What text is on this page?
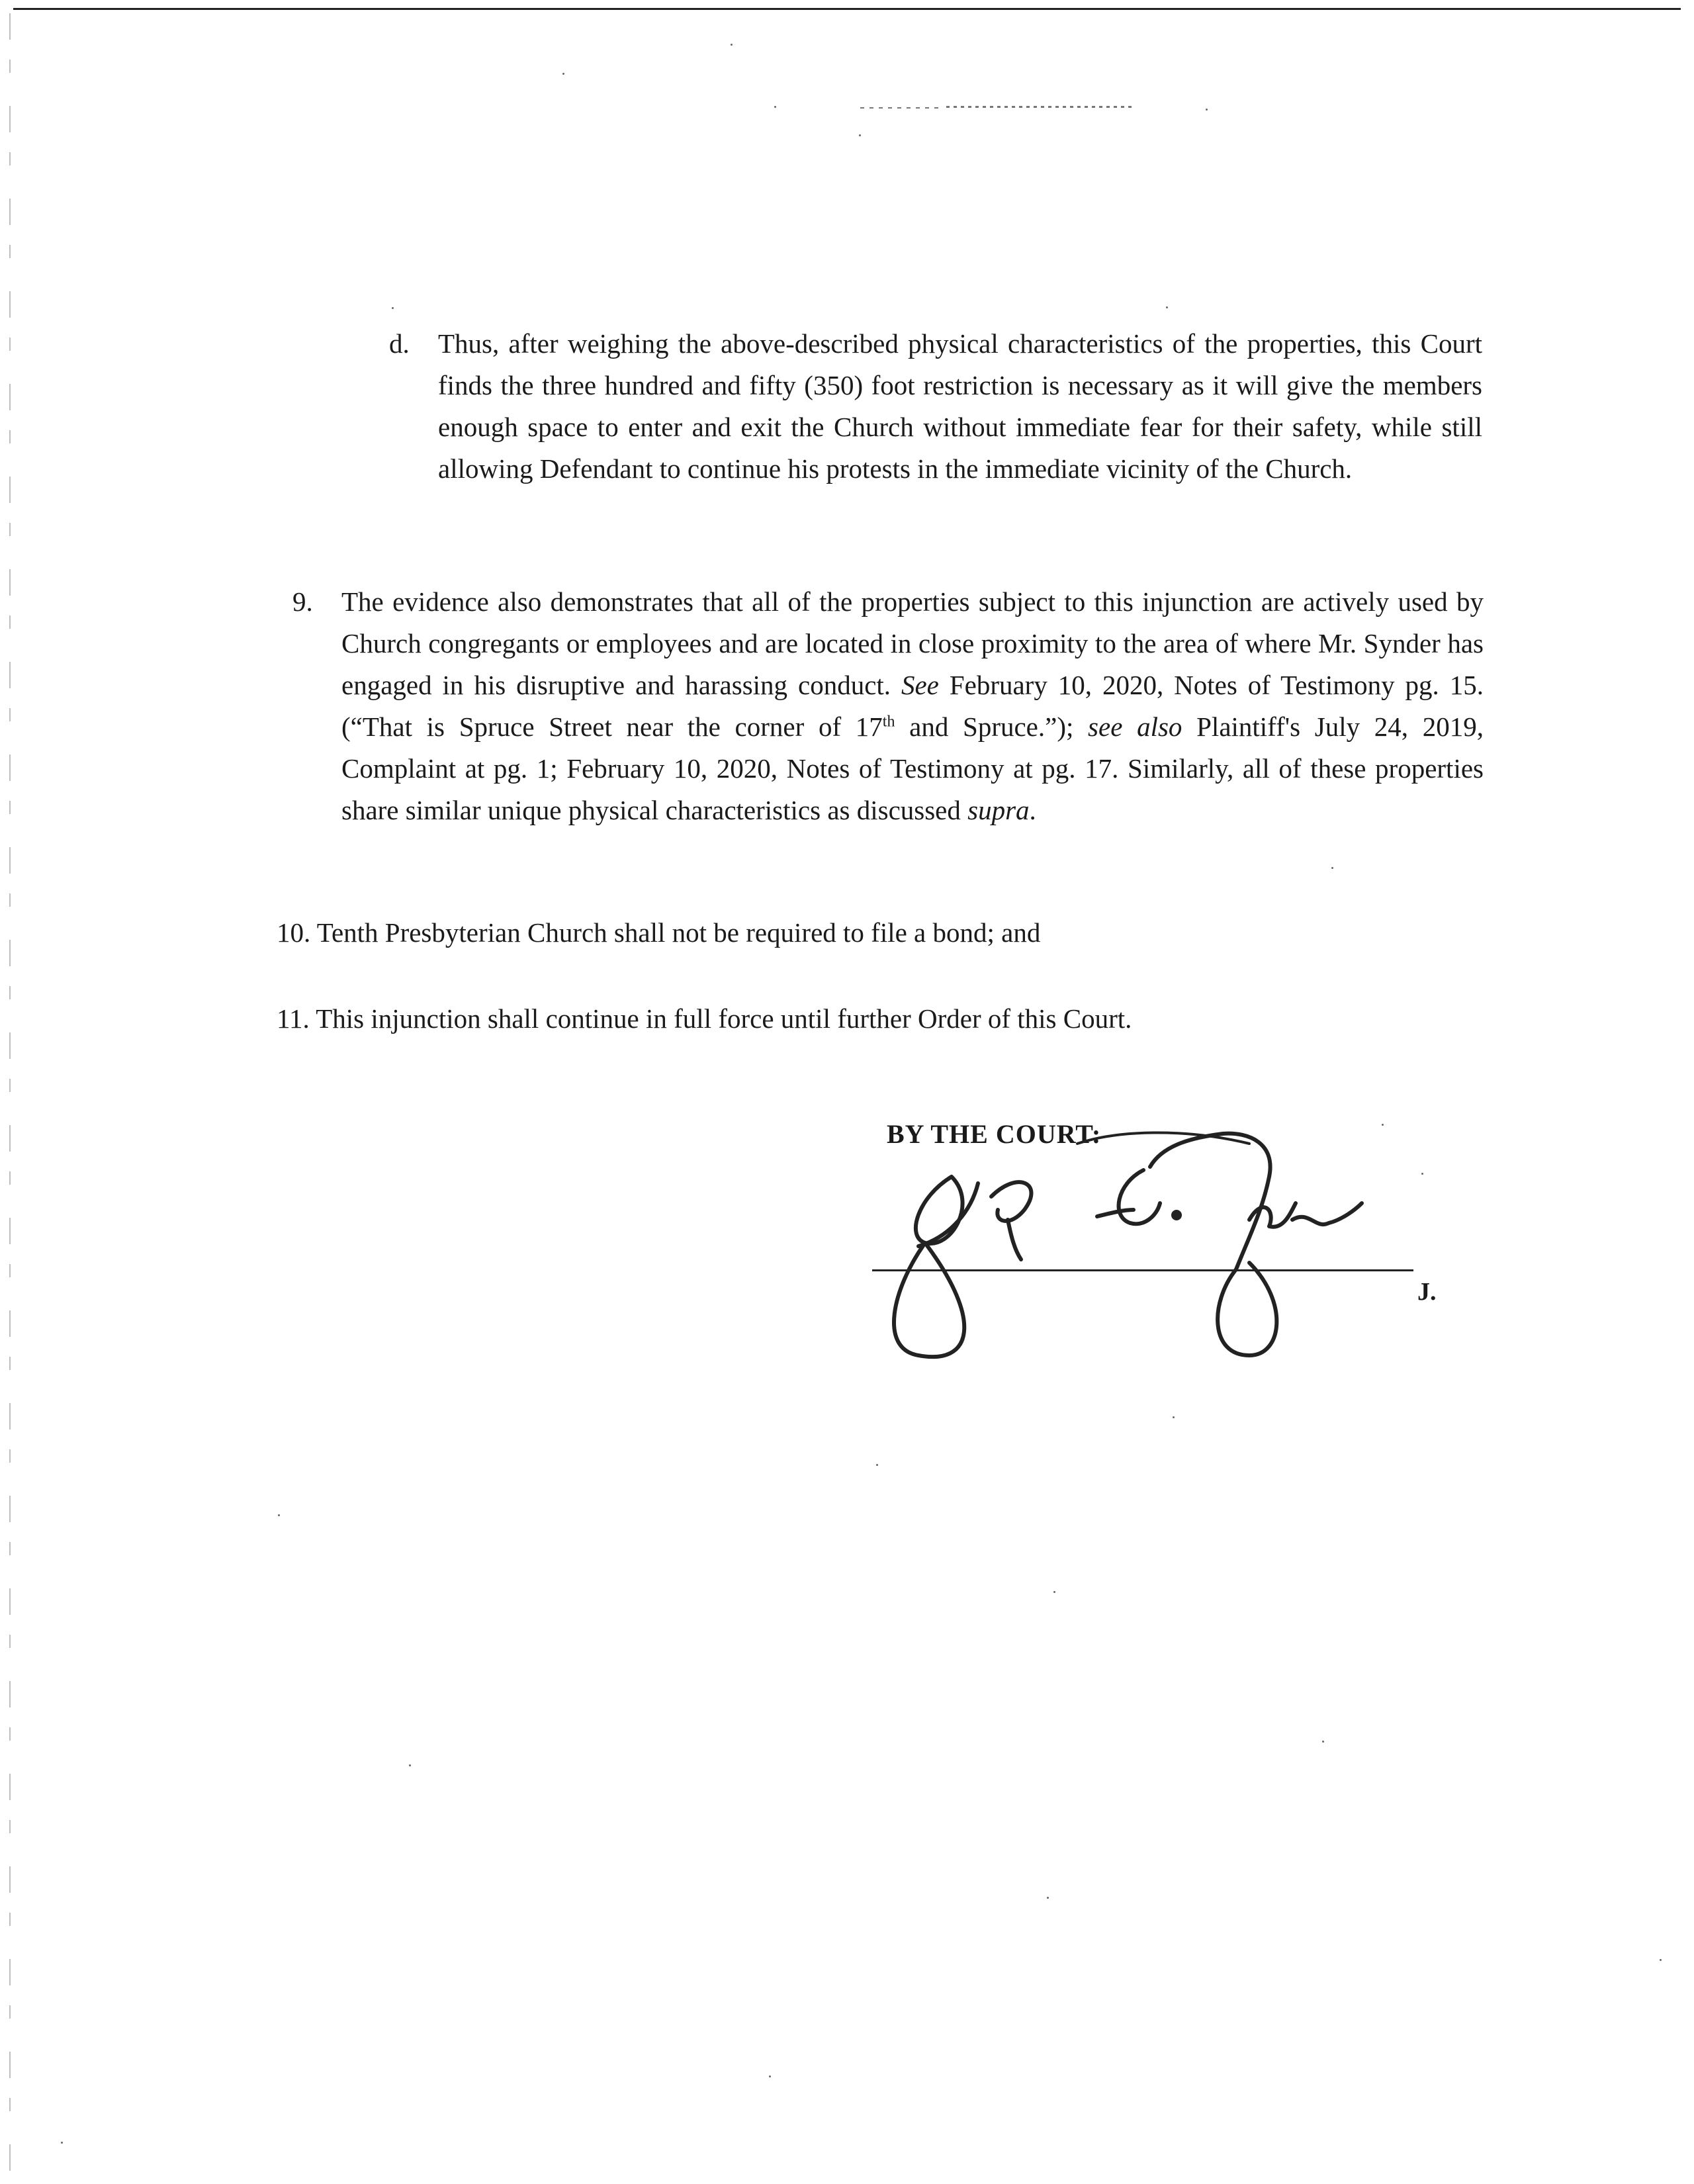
d. Thus, after weighing the above-described physical characteristics of the properties, this Court finds the three hundred and fifty (350) foot restriction is necessary as it will give the members enough space to enter and exit the Church without immediate fear for their safety, while still allowing Defendant to continue his protests in the immediate vicinity of the Church.
9. The evidence also demonstrates that all of the properties subject to this injunction are actively used by Church congregants or employees and are located in close proximity to the area of where Mr. Synder has engaged in his disruptive and harassing conduct. See February 10, 2020, Notes of Testimony pg. 15.(“That is Spruce Street near the corner of 17th and Spruce.”); see also Plaintiff's July 24, 2019, Complaint at pg. 1; February 10, 2020, Notes of Testimony at pg. 17. Similarly, all of these properties share similar unique physical characteristics as discussed supra.
10. Tenth Presbyterian Church shall not be required to file a bond; and
11. This injunction shall continue in full force until further Order of this Court.
BY THE COURT:
J.
